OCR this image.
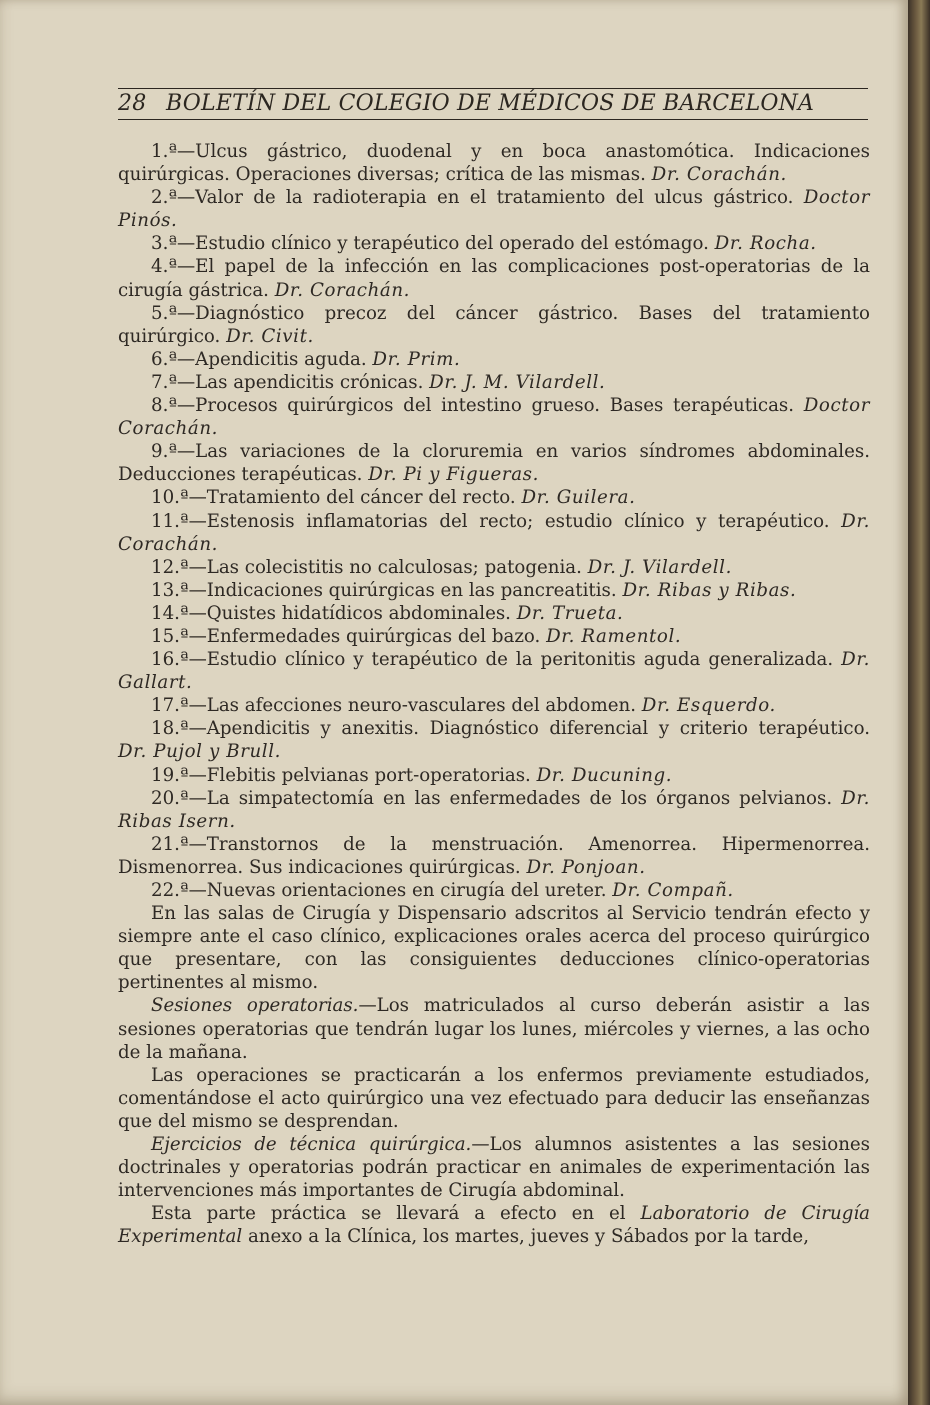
28 BOLETÍN DEL COLEGIO DE MÉDICOS DE BARCELONA

1.ª—Ulcus gástrico, duodenal y en boca anastomótica. Indicaciones quirúrgicas. Operaciones diversas; crítica de las mismas. Dr. Corachán.

2.ª—Valor de la radioterapia en el tratamiento del ulcus gástrico. Doctor Pinós.

3.ª—Estudio clínico y terapéutico del operado del estómago. Dr. Rocha.

4.ª—El papel de la infección en las complicaciones post-operatorias de la cirugía gástrica. Dr. Corachán.

5.ª—Diagnóstico precoz del cáncer gástrico. Bases del tratamiento quirúrgico. Dr. Civit.

6.ª—Apendicitis aguda. Dr. Prim.

7.ª—Las apendicitis crónicas. Dr. J. M. Vilardell.

8.ª—Procesos quirúrgicos del intestino grueso. Bases terapéuticas. Doctor Corachán.

9.ª—Las variaciones de la cloruremia en varios síndromes abdominales. Deducciones terapéuticas. Dr. Pi y Figueras.

10.ª—Tratamiento del cáncer del recto. Dr. Guilera.

11.ª—Estenosis inflamatorias del recto; estudio clínico y terapéutico. Dr. Corachán.

12.ª—Las colecistitis no calculosas; patogenia. Dr. J. Vilardell.

13.ª—Indicaciones quirúrgicas en las pancreatitis. Dr. Ribas y Ribas.

14.ª—Quistes hidatídicos abdominales. Dr. Trueta.

15.ª—Enfermedades quirúrgicas del bazo. Dr. Ramentol.

16.ª—Estudio clínico y terapéutico de la peritonitis aguda generalizada. Dr. Gallart.

17.ª—Las afecciones neuro-vasculares del abdomen. Dr. Esquerdo.

18.ª—Apendicitis y anexitis. Diagnóstico diferencial y criterio terapéutico. Dr. Pujol y Brull.

19.ª—Flebitis pelvianas port-operatorias. Dr. Ducuning.

20.ª—La simpatectomía en las enfermedades de los órganos pelvianos. Dr. Ribas Isern.

21.ª—Transtornos de la menstruación. Amenorrea. Hipermenorrea. Dismenorrea. Sus indicaciones quirúrgicas. Dr. Ponjoan.

22.ª—Nuevas orientaciones en cirugía del ureter. Dr. Compañ.

En las salas de Cirugía y Dispensario adscritos al Servicio tendrán efecto y siempre ante el caso clínico, explicaciones orales acerca del proceso quirúrgico que presentare, con las consiguientes deducciones clínico-operatorias pertinentes al mismo.

Sesiones operatorias.—Los matriculados al curso deberán asistir a las sesiones operatorias que tendrán lugar los lunes, miércoles y viernes, a las ocho de la mañana.

Las operaciones se practicarán a los enfermos previamente estudiados, comentándose el acto quirúrgico una vez efectuado para deducir las enseñanzas que del mismo se desprendan.

Ejercicios de técnica quirúrgica.—Los alumnos asistentes a las sesiones doctrinales y operatorias podrán practicar en animales de experimentación las intervenciones más importantes de Cirugía abdominal.

Esta parte práctica se llevará a efecto en el Laboratorio de Cirugía Experimental anexo a la Clínica, los martes, jueves y Sábados por la tarde,
